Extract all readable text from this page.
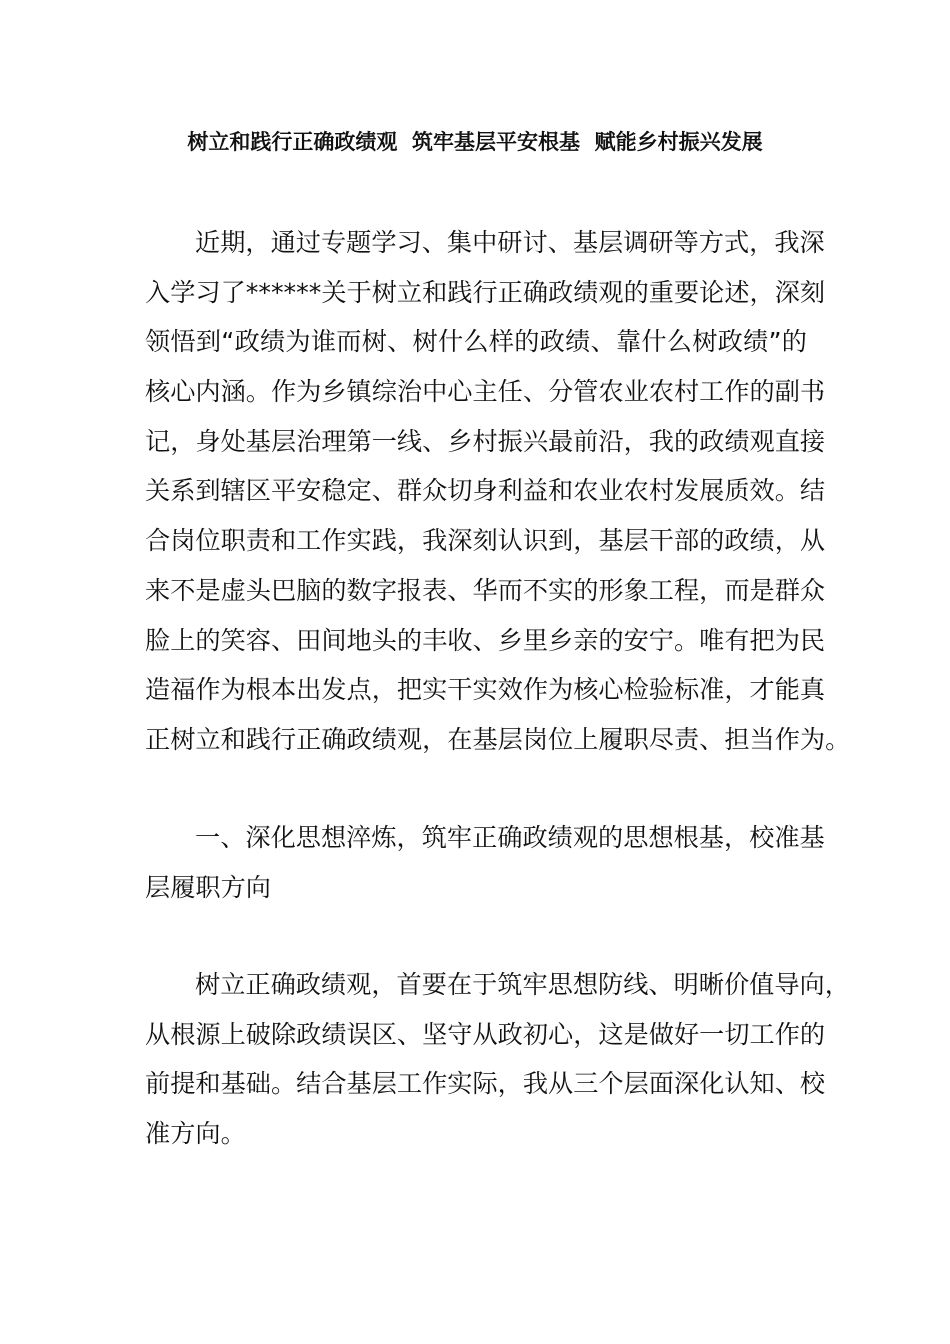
树立和践行正确政绩观  筑牢基层平安根基  赋能乡村振兴发展
近期，通过专题学习、集中研讨、基层调研等方式，我深
入学习了******关于树立和践行正确政绩观的重要论述，深刻
领悟到“政绩为谁而树、树什么样的政绩、靠什么树政绩”的
核心内涵。作为乡镇综治中心主任、分管农业农村工作的副书
记，身处基层治理第一线、乡村振兴最前沿，我的政绩观直接
关系到辖区平安稳定、群众切身利益和农业农村发展质效。结
合岗位职责和工作实践，我深刻认识到，基层干部的政绩，从
来不是虚头巴脑的数字报表、华而不实的形象工程，而是群众
脸上的笑容、田间地头的丰收、乡里乡亲的安宁。唯有把为民
造福作为根本出发点，把实干实效作为核心检验标准，才能真
正树立和践行正确政绩观，在基层岗位上履职尽责、担当作为。
一、深化思想淬炼，筑牢正确政绩观的思想根基，校准基
层履职方向
树立正确政绩观，首要在于筑牢思想防线、明晰价值导向，
从根源上破除政绩误区、坚守从政初心，这是做好一切工作的
前提和基础。结合基层工作实际，我从三个层面深化认知、校
准方向。
